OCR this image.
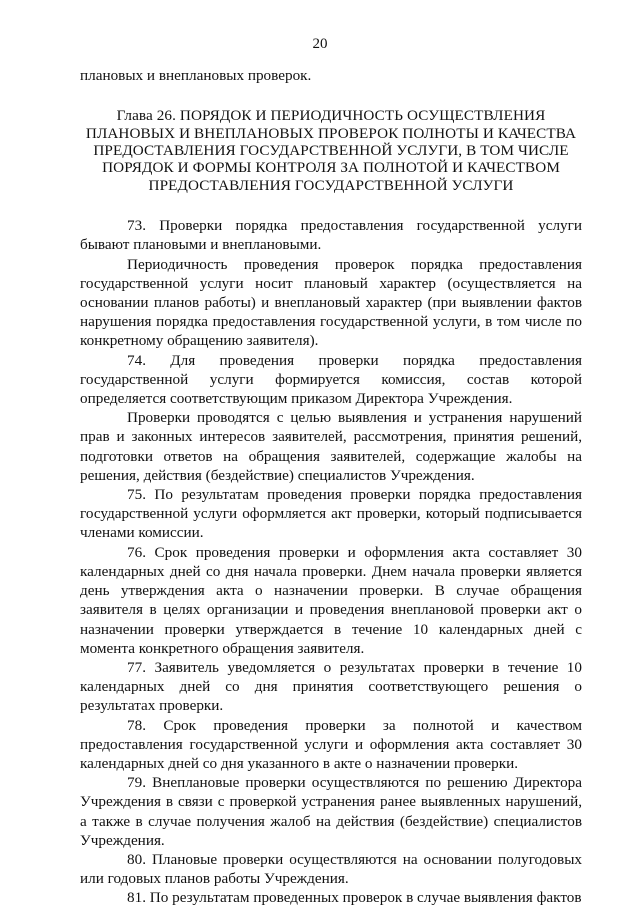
20

плановых и внеплановых проверок.

Глава 26. ПОРЯДОК И ПЕРИОДИЧНОСТЬ ОСУЩЕСТВЛЕНИЯ
ПЛАНОВЫХ И ВНЕПЛАНОВЫХ ПРОВЕРОК ПОЛНОТЫ И КАЧЕСТВА
ПРЕДОСТАВЛЕНИЯ ГОСУДАРСТВЕННОЙ УСЛУГИ, В ТОМ ЧИСЛЕ
ПОРЯДОК И ФОРМЫ КОНТРОЛЯ ЗА ПОЛНОТОЙ И КАЧЕСТВОМ
ПРЕДОСТАВЛЕНИЯ ГОСУДАРСТВЕННОЙ УСЛУГИ

73. Проверки порядка предоставления государственной услуги бывают плановыми и внеплановыми.

Периодичность проведения проверок порядка предоставления государственной услуги носит плановый характер (осуществляется на основании планов работы) и внеплановый характер (при выявлении фактов нарушения порядка предоставления государственной услуги, в том числе по конкретному обращению заявителя).

74. Для проведения проверки порядка предоставления государственной услуги формируется комиссия, состав которой определяется соответствующим приказом Директора Учреждения.

Проверки проводятся с целью выявления и устранения нарушений прав и законных интересов заявителей, рассмотрения, принятия решений, подготовки ответов на обращения заявителей, содержащие жалобы на решения, действия (бездействие) специалистов Учреждения.

75. По результатам проведения проверки порядка предоставления государственной услуги оформляется акт проверки, который подписывается членами комиссии.

76. Срок проведения проверки и оформления акта составляет 30 календарных дней со дня начала проверки. Днем начала проверки является день утверждения акта о назначении проверки. В случае обращения заявителя в целях организации и проведения внеплановой проверки акт о назначении проверки утверждается в течение 10 календарных дней с момента конкретного обращения заявителя.

77. Заявитель уведомляется о результатах проверки в течение 10 календарных дней со дня принятия соответствующего решения о результатах проверки.

78. Срок проведения проверки за полнотой и качеством предоставления государственной услуги и оформления акта составляет 30 календарных дней со дня указанного в акте о назначении проверки.

79. Внеплановые проверки осуществляются по решению Директора Учреждения в связи с проверкой устранения ранее выявленных нарушений, а также в случае получения жалоб на действия (бездействие) специалистов Учреждения.

80. Плановые проверки осуществляются на основании полугодовых или годовых планов работы Учреждения.

81. По результатам проведенных проверок в случае выявления фактов
